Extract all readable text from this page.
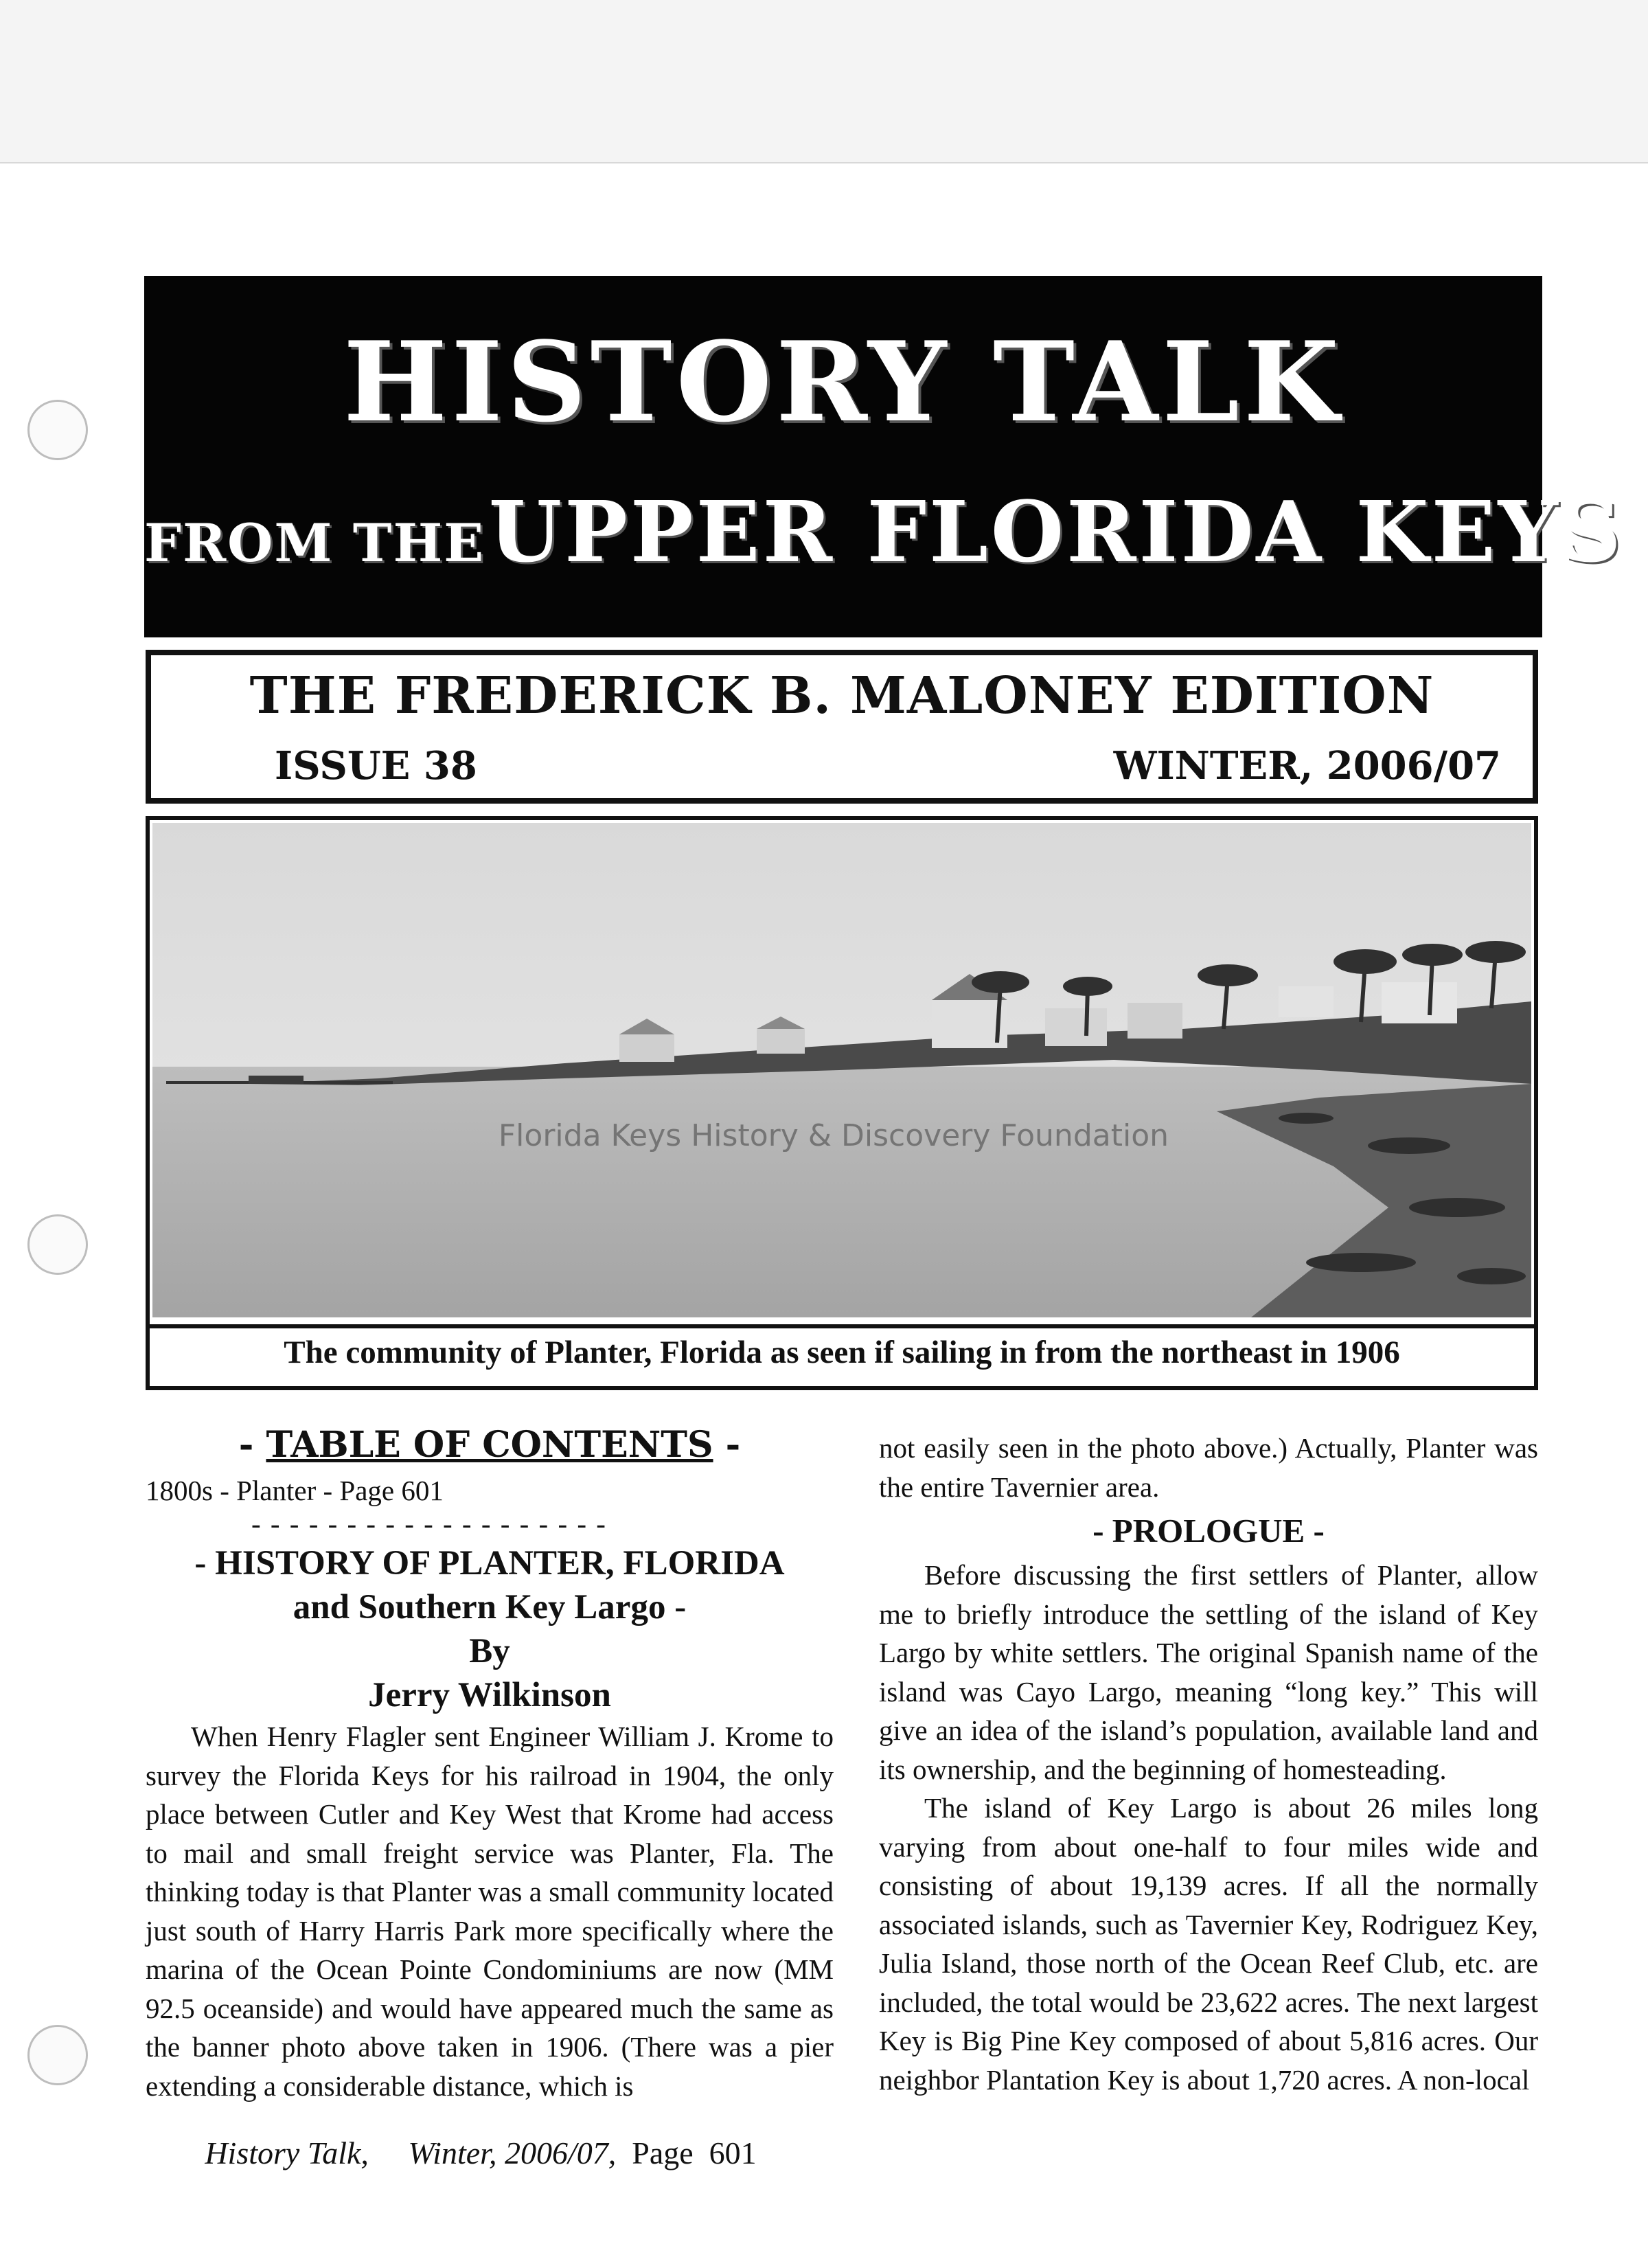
HISTORY TALK
FROM THE UPPER FLORIDA KEYS
THE FREDERICK B. MALONEY EDITION
ISSUE 38	WINTER, 2006/07
Florida Keys History & Discovery Foundation
The community of Planter, Florida as seen if sailing in from the northeast in 1906
- TABLE OF CONTENTS -
1800s - Planter - Page 601
- - - - - - - - - - - - - - - - - - -
- HISTORY OF PLANTER, FLORIDA
and Southern Key Largo -
By
Jerry Wilkinson

When Henry Flagler sent Engineer William J. Krome to survey the Florida Keys for his railroad in 1904, the only place between Cutler and Key West that Krome had access to mail and small freight service was Planter, Fla. The thinking today is that Planter was a small community located just south of Harry Harris Park more specifically where the marina of the Ocean Pointe Condominiums are now (MM 92.5 oceanside) and would have appeared much the same as the banner photo above taken in 1906. (There was a pier extending a considerable distance, which is

not easily seen in the photo above.) Actually, Planter was the entire Tavernier area.

- PROLOGUE -

Before discussing the first settlers of Planter, allow me to briefly introduce the settling of the island of Key Largo by white settlers. The original Spanish name of the island was Cayo Largo, meaning “long key.” This will give an idea of the island’s population, available land and its ownership, and the beginning of homesteading.

The island of Key Largo is about 26 miles long varying from about one-half to four miles wide and consisting of about 19,139 acres. If all the normally associated islands, such as Tavernier Key, Rodriguez Key, Julia Island, those north of the Ocean Reef Club, etc. are included, the total would be 23,622 acres. The next largest Key is Big Pine Key composed of about 5,816 acres. Our neighbor Plantation Key is about 1,720 acres. A non-local

History Talk,     Winter, 2006/07,  Page  601
